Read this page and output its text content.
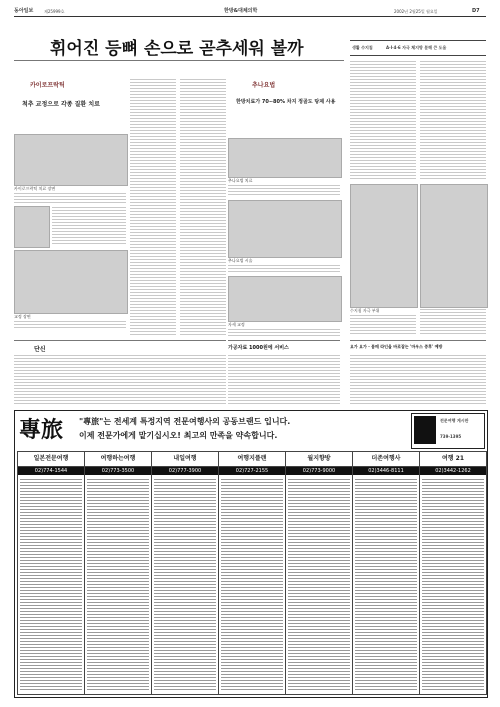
동아일보	제25999호	한방&대체의학	2002년 2월25일 월요일	D7
휘어진 등뼈 손으로 곧추세워 볼까	생활 수지침	A·I·4·6 자극 체지방 분해 큰 도움
카이로프락틱
척추 교정으로 각종 질환 치료
카이로프락틱 치료 장면
교정 장면
단신
추나요법
한방치료가 70∼80% 차지 정골도 탕제 사용
추나요법 치료
추나요법 시술
자세 교정
가공자료 1000원에 서비스
수지침 자극 부위
요가 요가 · 몸매 라인을 바로잡는 '마우스 증후' 예방
專旅	"專旅"는 전세계 특정지역 전문여행사의 공동브랜드 입니다.
이제 전문가에게 맡기십시오! 최고의 만족을 약속합니다.
전문여행 게시판
739-1395
일본전문여행
02)774-1544
여행하는여행
02)773-3500
내일여행
02)777-3900
여행지플랜
02)727-2155
월지향방
02)773-9000
더존여행사
02)3446-8111
여행 21
02)3442-1262
